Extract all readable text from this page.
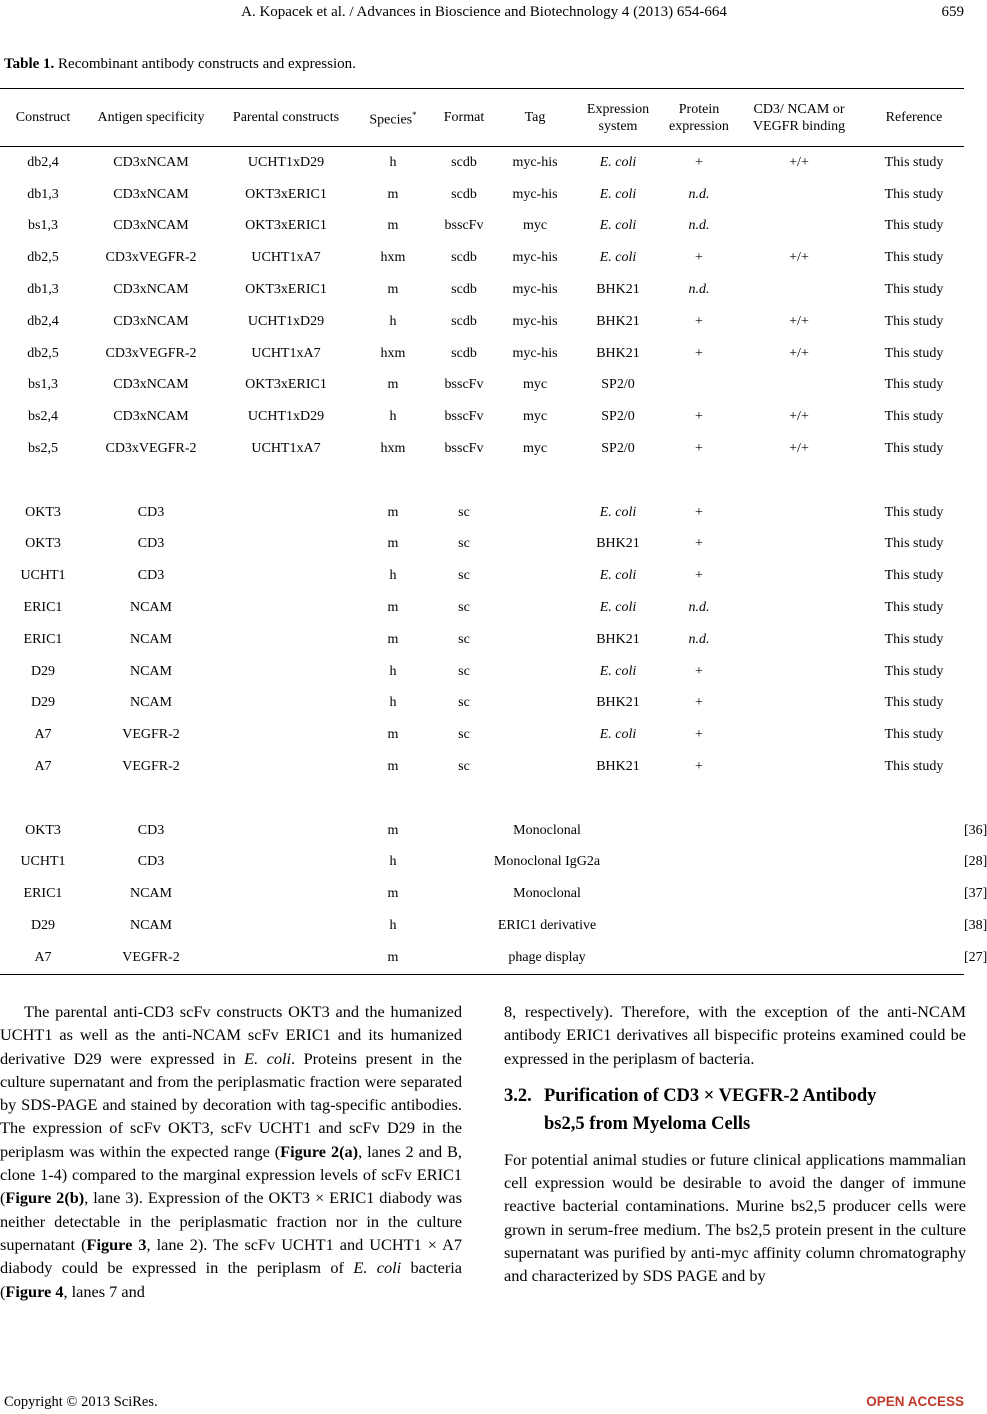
A. Kopacek et al. / Advances in Bioscience and Biotechnology 4 (2013) 654-664	659
Table 1. Recombinant antibody constructs and expression.
Construct	Antigen specificity	Parental constructs	Species*	Format	Tag	Expression system	Protein expression	CD3/ NCAM or VEGFR binding	Reference	
db2,4	CD3xNCAM	UCHT1xD29	h	scdb	myc-his	E. coli	+	+/+	This study	
db1,3	CD3xNCAM	OKT3xERIC1	m	scdb	myc-his	E. coli	n.d.		This study	
bs1,3	CD3xNCAM	OKT3xERIC1	m	bsscFv	myc	E. coli	n.d.		This study	
db2,5	CD3xVEGFR-2	UCHT1xA7	hxm	scdb	myc-his	E. coli	+	+/+	This study	
db1,3	CD3xNCAM	OKT3xERIC1	m	scdb	myc-his	BHK21	n.d.		This study	
db2,4	CD3xNCAM	UCHT1xD29	h	scdb	myc-his	BHK21	+	+/+	This study	
db2,5	CD3xVEGFR-2	UCHT1xA7	hxm	scdb	myc-his	BHK21	+	+/+	This study	
bs1,3	CD3xNCAM	OKT3xERIC1	m	bsscFv	myc	SP2/0			This study	
bs2,4	CD3xNCAM	UCHT1xD29	h	bsscFv	myc	SP2/0	+	+/+	This study	
bs2,5	CD3xVEGFR-2	UCHT1xA7	hxm	bsscFv	myc	SP2/0	+	+/+	This study	

OKT3	CD3		m	sc		E. coli	+		This study	
OKT3	CD3		m	sc		BHK21	+		This study	
UCHT1	CD3		h	sc		E. coli	+		This study	
ERIC1	NCAM		m	sc		E. coli	n.d.		This study	
ERIC1	NCAM		m	sc		BHK21	n.d.		This study	
D29	NCAM		h	sc		E. coli	+		This study	
D29	NCAM		h	sc		BHK21	+		This study	
A7	VEGFR-2		m	sc		E. coli	+		This study	
A7	VEGFR-2		m	sc		BHK21	+		This study	

OKT3	CD3		m	Monoclonal						[36]
UCHT1	CD3		h	Monoclonal IgG2a						[28]
ERIC1	NCAM		m	Monoclonal						[37]
D29	NCAM		h	ERIC1 derivative						[38]
A7	VEGFR-2		m	phage display						[27]

The parental anti-CD3 scFv constructs OKT3 and the humanized UCHT1 as well as the anti-NCAM scFv ERIC1 and its humanized derivative D29 were expressed in E. coli. Proteins present in the culture supernatant and from the periplasmatic fraction were separated by SDS-PAGE and stained by decoration with tag-specific antibodies. The expression of scFv OKT3, scFv UCHT1 and scFv D29 in the periplasm was within the expected range (Figure 2(a), lanes 2 and B, clone 1-4) compared to the marginal expression levels of scFv ERIC1 (Figure 2(b), lane 3). Expression of the OKT3 × ERIC1 diabody was neither detectable in the periplasmatic fraction nor in the culture supernatant (Figure 3, lane 2). The scFv UCHT1 and UCHT1 × A7 diabody could be expressed in the periplasm of E. coli bacteria (Figure 4, lanes 7 and

8, respectively). Therefore, with the exception of the anti-NCAM antibody ERIC1 derivatives all bispecific proteins examined could be expressed in the periplasm of bacteria.

3.2. Purification of CD3 × VEGFR-2 Antibody
bs2,5 from Myeloma Cells

For potential animal studies or future clinical applications mammalian cell expression would be desirable to avoid the danger of immune reactive bacterial contaminations. Murine bs2,5 producer cells were grown in serum-free medium. The bs2,5 protein present in the culture supernatant was purified by anti-myc affinity column chromatography and characterized by SDS PAGE and by

Copyright © 2013 SciRes.	OPEN ACCESS
